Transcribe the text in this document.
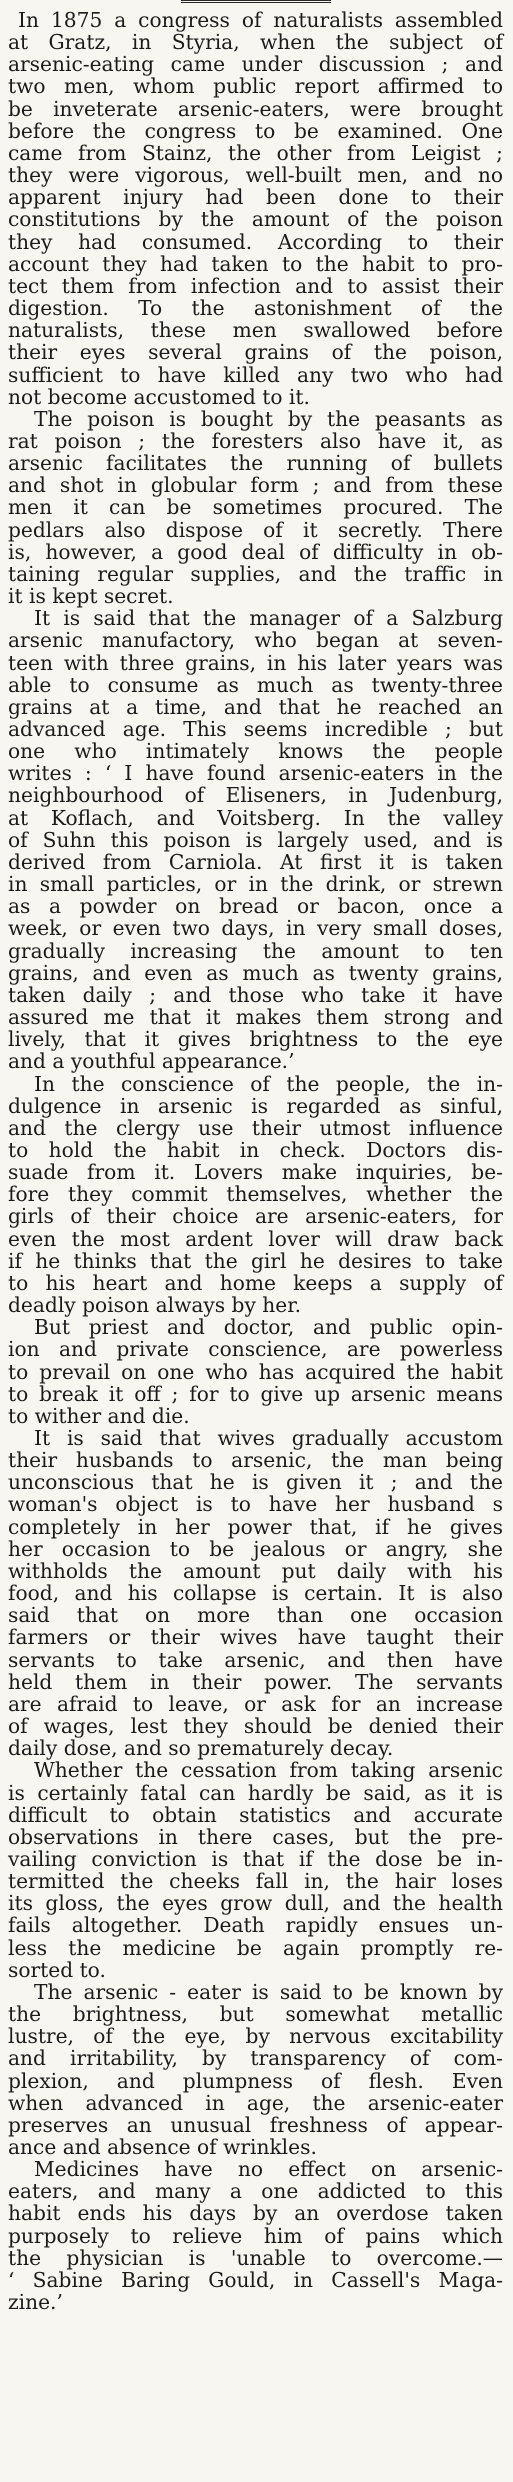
In 1875 a congress of naturalists assembled
at Gratz, in Styria, when the subject of
arsenic-eating came under discussion ; and
two men, whom public report affirmed to
be inveterate arsenic-eaters, were brought
before the congress to be examined. One
came from Stainz, the other from Leigist ;
they were vigorous, well-built men, and no
apparent injury had been done to their
constitutions by the amount of the poison
they had consumed. According to their
account they had taken to the habit to pro-
tect them from infection and to assist their
digestion. To the astonishment of the
naturalists, these men swallowed before
their eyes several grains of the poison,
sufficient to have killed any two who had
not become accustomed to it.

The poison is bought by the peasants as
rat poison ; the foresters also have it, as
arsenic facilitates the running of bullets
and shot in globular form ; and from these
men it can be sometimes procured. The
pedlars also dispose of it secretly. There
is, however, a good deal of difficulty in ob-
taining regular supplies, and the traffic in
it is kept secret.

It is said that the manager of a Salzburg
arsenic manufactory, who began at seven-
teen with three grains, in his later years was
able to consume as much as twenty-three
grains at a time, and that he reached an
advanced age. This seems incredible ; but
one who intimately knows the people
writes : ‘ I have found arsenic-eaters in the
neighbourhood of Eliseners, in Judenburg,
at Koflach, and Voitsberg. In the valley
of Suhn this poison is largely used, and is
derived from Carniola. At first it is taken
in small particles, or in the drink, or strewn
as a powder on bread or bacon, once a
week, or even two days, in very small doses,
gradually increasing the amount to ten
grains, and even as much as twenty grains,
taken daily ; and those who take it have
assured me that it makes them strong and
lively, that it gives brightness to the eye
and a youthful appearance.’

In the conscience of the people, the in-
dulgence in arsenic is regarded as sinful,
and the clergy use their utmost influence
to hold the habit in check. Doctors dis-
suade from it. Lovers make inquiries, be-
fore they commit themselves, whether the
girls of their choice are arsenic-eaters, for
even the most ardent lover will draw back
if he thinks that the girl he desires to take
to his heart and home keeps a supply of
deadly poison always by her.

But priest and doctor, and public opin-
ion and private conscience, are powerless
to prevail on one who has acquired the habit
to break it off ; for to give up arsenic means
to wither and die.

It is said that wives gradually accustom
their husbands to arsenic, the man being
unconscious that he is given it ; and the
woman's object is to have her husband s
completely in her power that, if he gives
her occasion to be jealous or angry, she
withholds the amount put daily with his
food, and his collapse is certain. It is also
said that on more than one occasion
farmers or their wives have taught their
servants to take arsenic, and then have
held them in their power. The servants
are afraid to leave, or ask for an increase
of wages, lest they should be denied their
daily dose, and so prematurely decay.

Whether the cessation from taking arsenic
is certainly fatal can hardly be said, as it is
difficult to obtain statistics and accurate
observations in there cases, but the pre-
vailing conviction is that if the dose be in-
termitted the cheeks fall in, the hair loses
its gloss, the eyes grow dull, and the health
fails altogether. Death rapidly ensues un-
less the medicine be again promptly re-
sorted to.

The arsenic - eater is said to be known by
the brightness, but somewhat metallic
lustre, of the eye, by nervous excitability
and irritability, by transparency of com-
plexion, and plumpness of flesh. Even
when advanced in age, the arsenic-eater
preserves an unusual freshness of appear-
ance and absence of wrinkles.

Medicines have no effect on arsenic-
eaters, and many a one addicted to this
habit ends his days by an overdose taken
purposely to relieve him of pains which
the physician is 'unable to overcome.—
‘ Sabine Baring Gould, in Cassell's Maga-
zine.’
